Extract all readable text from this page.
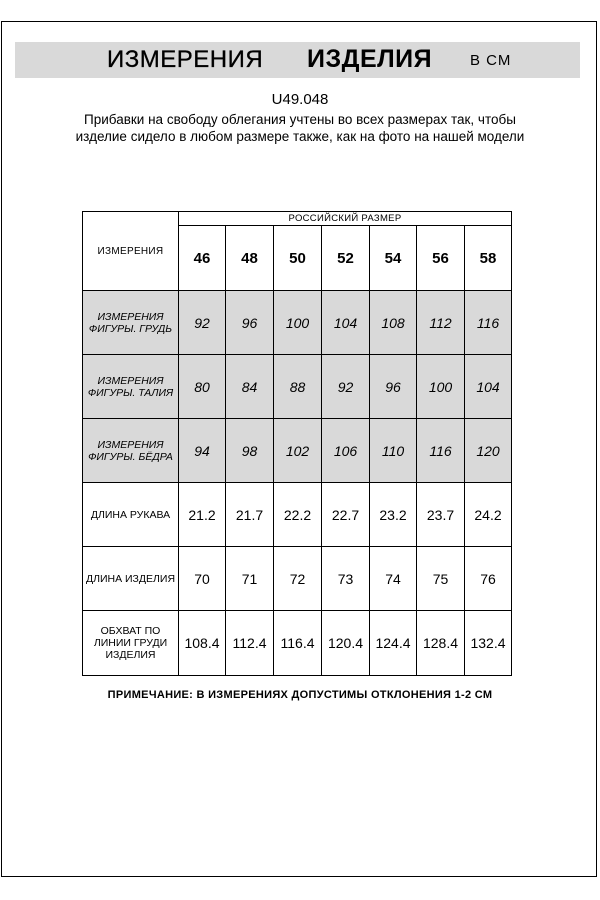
ИЗМЕРЕНИЯ ИЗДЕЛИЯ	В СМ
U49.048
Прибавки на свободу облегания учтены во всех размерах так, чтобы изделие сидело в любом размере также, как на фото на нашей модели
ИЗМЕРЕНИЯ	РОССИЙСКИЙ РАЗМЕР						
	46	48	50	52	54	56	58
ИЗМЕРЕНИЯ ФИГУРЫ. ГРУДЬ	92	96	100	104	108	112	116
ИЗМЕРЕНИЯ ФИГУРЫ. ТАЛИЯ	80	84	88	92	96	100	104
ИЗМЕРЕНИЯ ФИГУРЫ. БЁДРА	94	98	102	106	110	116	120
ДЛИНА РУКАВА	21.2	21.7	22.2	22.7	23.2	23.7	24.2
ДЛИНА ИЗДЕЛИЯ	70	71	72	73	74	75	76
ОБХВАТ ПО ЛИНИИ ГРУДИ ИЗДЕЛИЯ	108.4	112.4	116.4	120.4	124.4	128.4	132.4
ПРИМЕЧАНИЕ: В ИЗМЕРЕНИЯХ ДОПУСТИМЫ ОТКЛОНЕНИЯ 1-2 СМ
